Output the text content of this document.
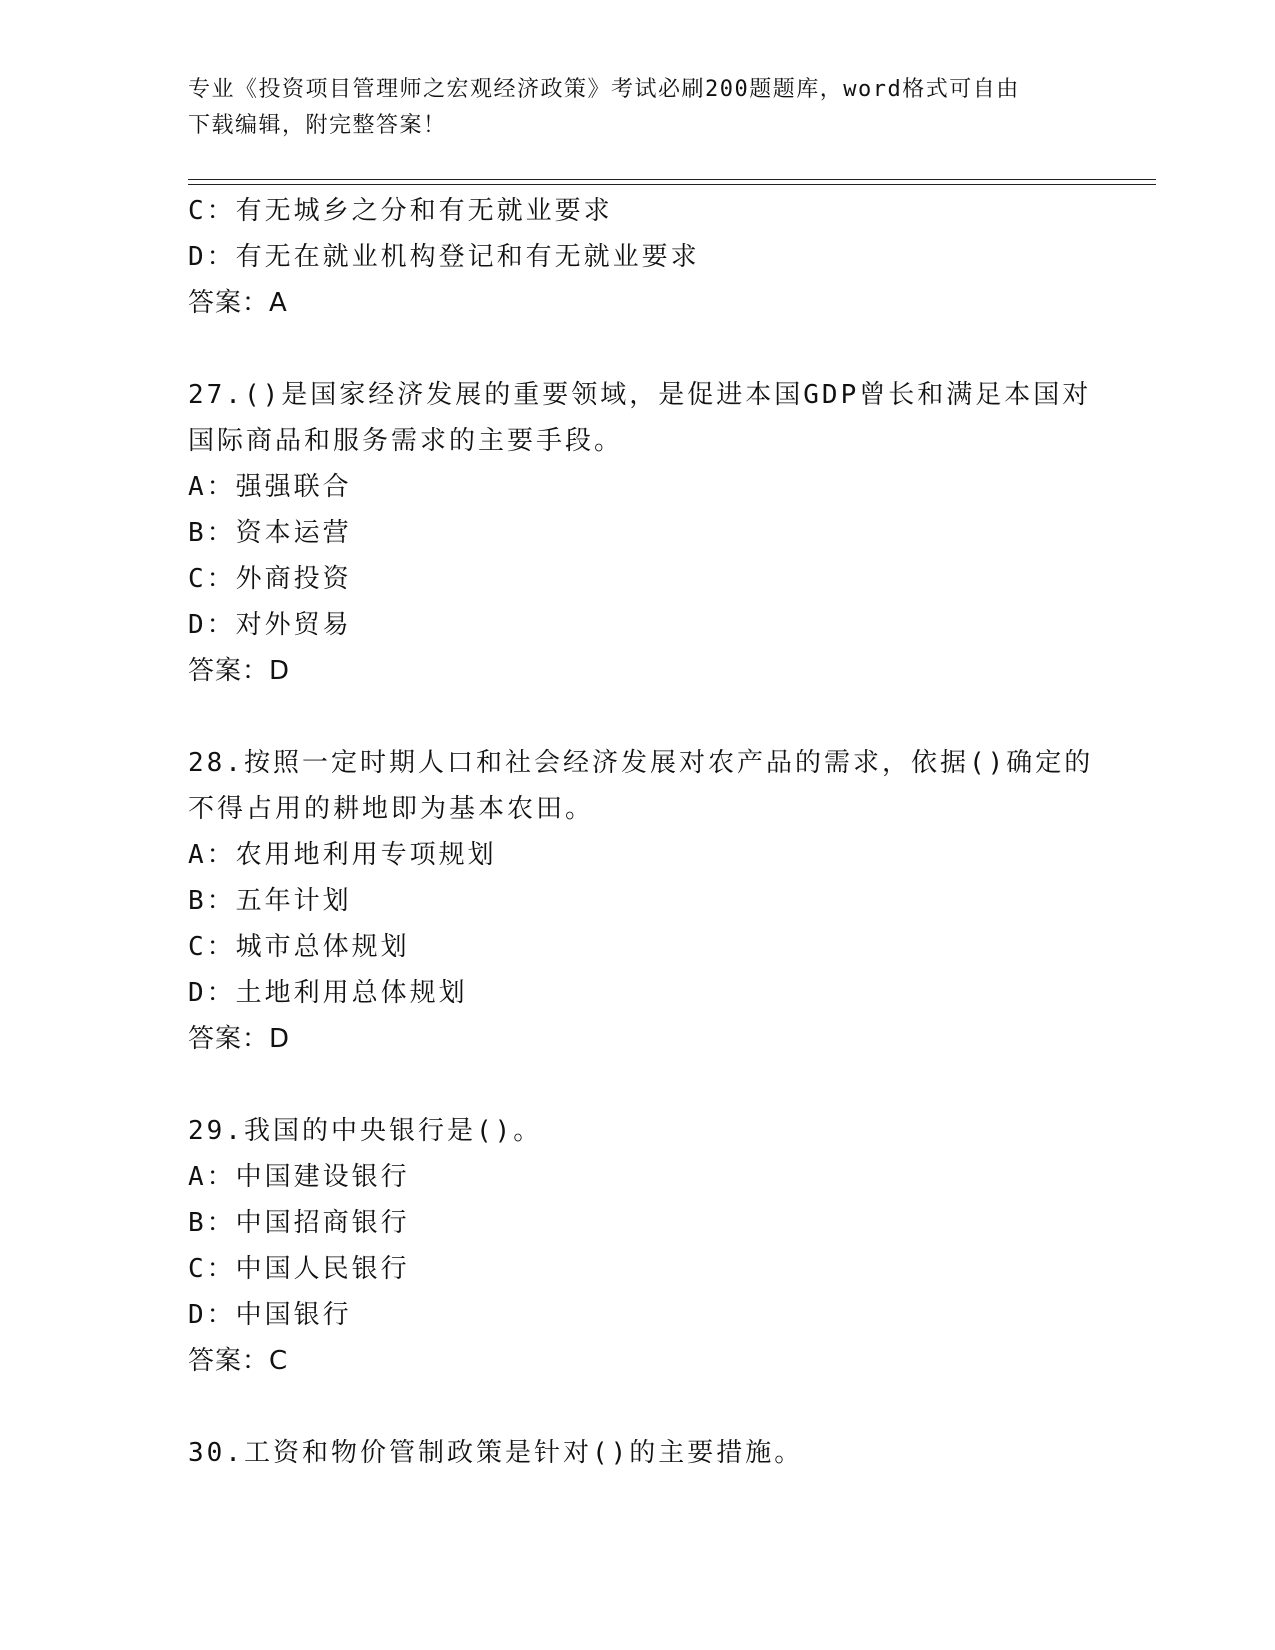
专业《投资项目管理师之宏观经济政策》考试必刷200题题库，word格式可自由
下载编辑，附完整答案！
C：有无城乡之分和有无就业要求
D：有无在就业机构登记和有无就业要求
答案：A
27.()是国家经济发展的重要领域，是促进本国GDP曾长和满足本国对
国际商品和服务需求的主要手段。
A：强强联合
B：资本运营
C：外商投资
D：对外贸易
答案：D
28.按照一定时期人口和社会经济发展对农产品的需求，依据()确定的
不得占用的耕地即为基本农田。
A：农用地利用专项规划
B：五年计划
C：城市总体规划
D：土地利用总体规划
答案：D
29.我国的中央银行是()。
A：中国建设银行
B：中国招商银行
C：中国人民银行
D：中国银行
答案：C
30.工资和物价管制政策是针对()的主要措施。
